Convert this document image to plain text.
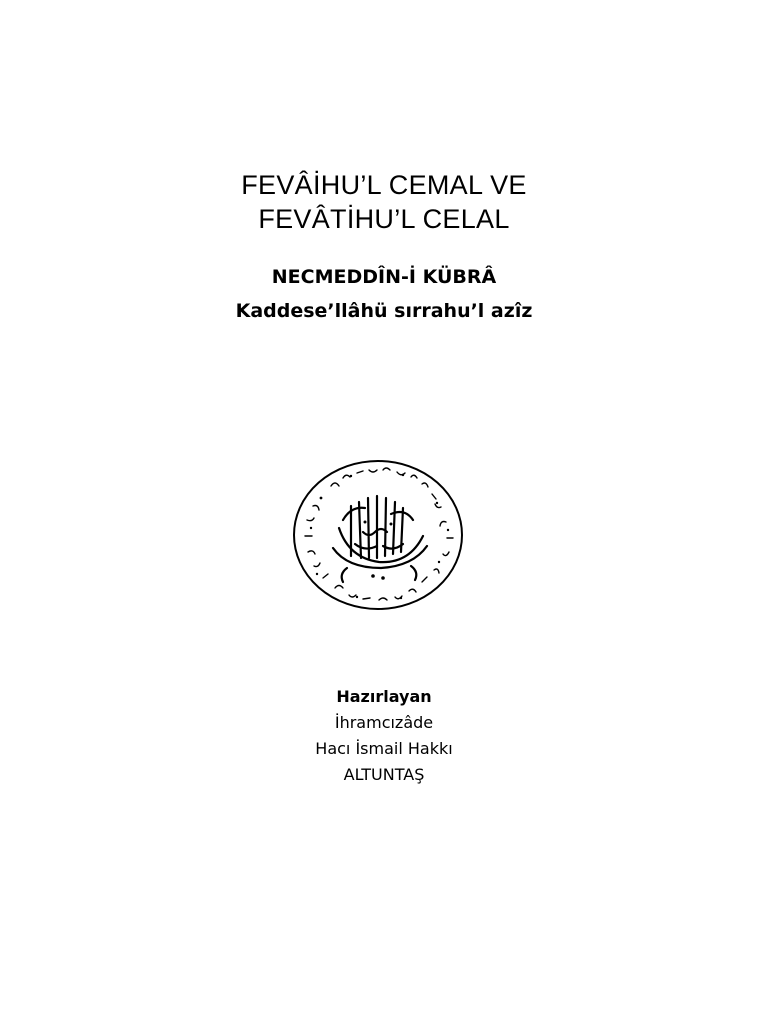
FEVÂİHU’L CEMAL VE
FEVÂTİHU’L CELAL
NECMEDDÎN-İ KÜBRÂ
Kaddese’llâhü sırrahu’l azîz
Hazırlayan
İhramcızâde
Hacı İsmail Hakkı
ALTUNTAŞ
